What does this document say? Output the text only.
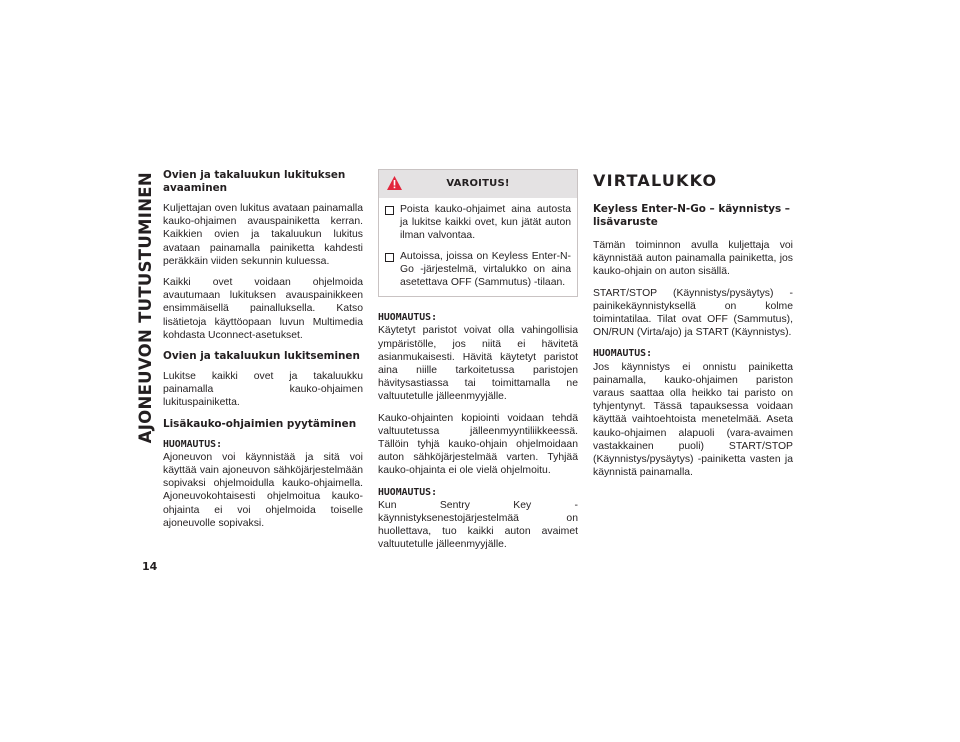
AJONEUVON TUTUSTUMINEN
14
Ovien ja takaluukun lukituksen avaaminen

Kuljettajan oven lukitus avataan painamalla kauko-ohjaimen avauspainiketta kerran. Kaikkien ovien ja takaluukun lukitus avataan painamalla painiketta kahdesti peräkkäin viiden sekunnin kuluessa.

Kaikki ovet voidaan ohjelmoida avautumaan lukituksen avauspainikkeen ensimmäisellä painalluksella. Katso lisätietoja käyttöopaan luvun Multimedia kohdasta Uconnect-asetukset.

Ovien ja takaluukun lukitseminen

Lukitse kaikki ovet ja takaluukku painamalla kauko-ohjaimen lukituspainiketta.

Lisäkauko-ohjaimien pyytäminen

HUOMAUTUS:
Ajoneuvon voi käynnistää ja sitä voi käyttää vain ajoneuvon sähköjärjestelmään sopivaksi ohjelmoidulla kauko-ohjaimella. Ajoneuvokohtaisesti ohjelmoitua kauko-ohjainta ei voi ohjelmoida toiselle ajoneuvolle sopivaksi.

VAROITUS!
Poista kauko-ohjaimet aina autosta ja lukitse kaikki ovet, kun jätät auton ilman valvontaa.
Autoissa, joissa on Keyless Enter-N-Go -järjestelmä, virtalukko on aina asetettava OFF (Sammutus) -tilaan.

HUOMAUTUS:
Käytetyt paristot voivat olla vahingollisia ympäristölle, jos niitä ei hävitetä asianmukaisesti. Hävitä käytetyt paristot aina niille tarkoitetussa paristojen hävitysastiassa tai toimittamalla ne valtuutetulle jälleenmyyjälle.

Kauko-ohjainten kopiointi voidaan tehdä valtuutetussa jälleenmyyntiliikkeessä. Tällöin tyhjä kauko-ohjain ohjelmoidaan auton sähköjärjestelmää varten. Tyhjää kauko-ohjainta ei ole vielä ohjelmoitu.

HUOMAUTUS:
Kun Sentry Key -käynnistyksenestojärjestelmää on huollettava, tuo kaikki auton avaimet valtuutetulle jälleenmyyjälle.

VIRTALUKKO
Keyless Enter-N-Go – käynnistys – lisävaruste

Tämän toiminnon avulla kuljettaja voi käynnistää auton painamalla painiketta, jos kauko-ohjain on auton sisällä.

START/STOP (Käynnistys/pysäytys) -painikekäynnistyksellä on kolme toimintatilaa. Tilat ovat OFF (Sammutus), ON/RUN (Virta/ajo) ja START (Käynnistys).

HUOMAUTUS:
Jos käynnistys ei onnistu painiketta painamalla, kauko-ohjaimen pariston varaus saattaa olla heikko tai paristo on tyhjentynyt. Tässä tapauksessa voidaan käyttää vaihtoehtoista menetelmää. Aseta kauko-ohjaimen alapuoli (vara-avaimen vastakkainen puoli) START/STOP (Käynnistys/pysäytys) -painiketta vasten ja käynnistä painamalla.
